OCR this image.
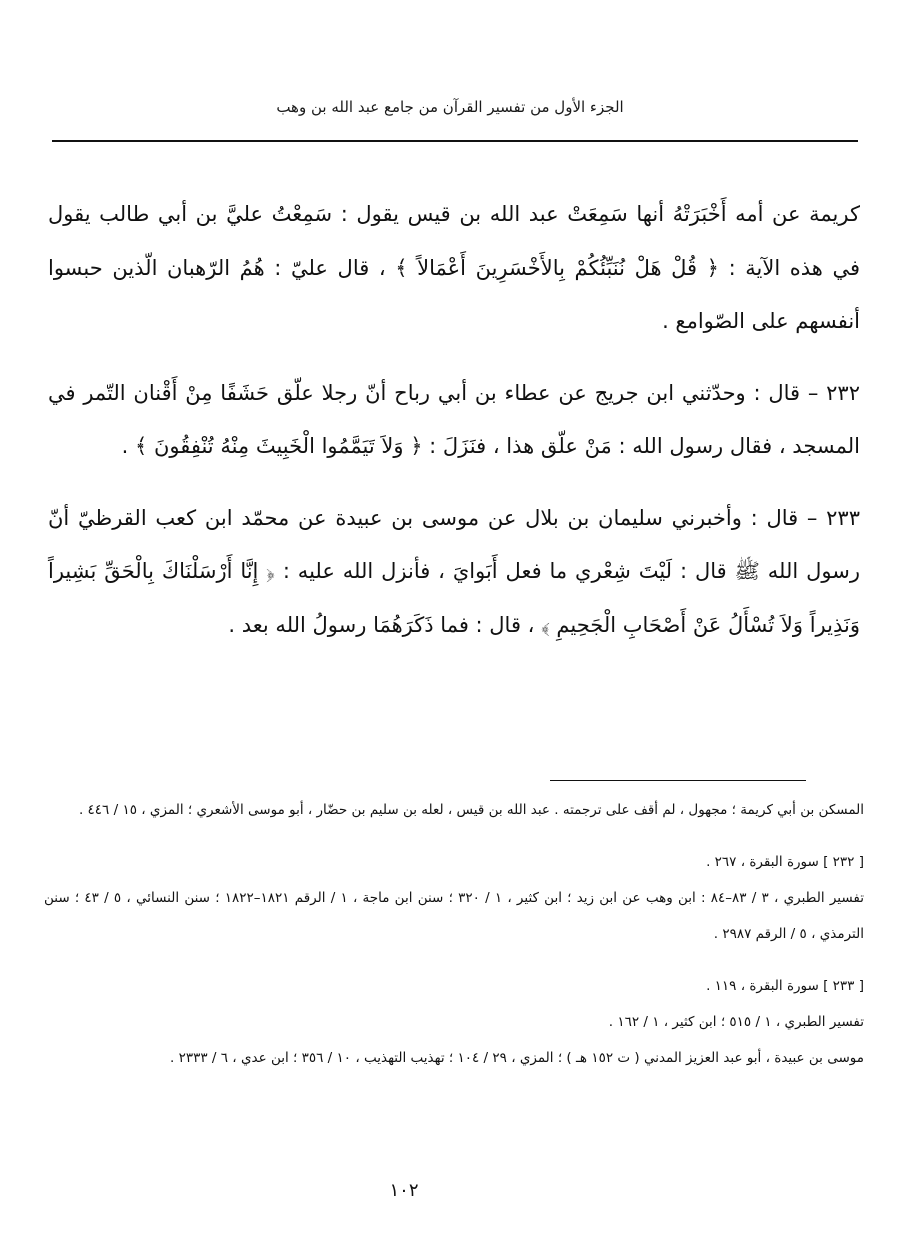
الجزء الأول من تفسير القرآن من جامع عبد الله بن وهب

كريمة عن أمه أَخْبَرَتْهُ أنها سَمِعَتْ عبد الله بن قيس يقول : سَمِعْتُ عليَّ بن أبي طالب يقول في هذه الآية : ﴿ قُلْ هَلْ نُنَبِّئُكُمْ بِالأَخْسَرِينَ أَعْمَالاً ﴾ ، قال عليّ : هُمُ الرّهبان الّذين حبسوا أنفسهم على الصّوامع .

٢٣٢ – قال : وحدّثني ابن جريج عن عطاء بن أبي رباح أنّ رجلا علّق حَشَفًا مِنْ أَقْنان التّمر في المسجد ، فقال رسول الله : مَنْ علّق هذا ، فنَزَلَ : ﴿ وَلاَ تَيَمَّمُوا الْخَبِيثَ مِنْهُ تُنْفِقُونَ ﴾ .

٢٣٣ – قال : وأخبرني سليمان بن بلال عن موسى بن عبيدة عن محمّد ابن كعب القرظيّ أنّ رسول الله ﷺ قال : لَيْتَ شِعْري ما فعل أَبَوايَ ، فأنزل الله عليه : ﴿ إِنَّا أَرْسَلْنَاكَ بِالْحَقِّ بَشِيراً وَنَذِيراً وَلاَ تُسْأَلُ عَنْ أَصْحَابِ الْجَحِيمِ ﴾ ، قال : فما ذَكَرَهُمَا رسولُ الله بعد .

المسكن بن أبي كريمة ؛ مجهول ، لم أقف على ترجمته . عبد الله بن قيس ، لعله بن سليم بن حضّار ، أبو موسى الأشعري ؛ المزي ، ١٥ / ٤٤٦ .

[ ٢٣٢ ] سورة البقرة ، ٢٦٧ .

تفسير الطبري ، ٣ / ٨٣–٨٤ : ابن وهب عن ابن زيد ؛ ابن كثير ، ١ / ٣٢٠ ؛ سنن ابن ماجة ، ١ / الرقم ١٨٢١–١٨٢٢ ؛ سنن النسائي ، ٥ / ٤٣ ؛ سنن الترمذي ، ٥ / الرقم ٢٩٨٧ .

[ ٢٣٣ ] سورة البقرة ، ١١٩ .

تفسير الطبري ، ١ / ٥١٥ ؛ ابن كثير ، ١ / ١٦٢ .

موسى بن عبيدة ، أبو عبد العزيز المدني ( ت ١٥٢ هـ ) ؛ المزي ، ٢٩ / ١٠٤ ؛ تهذيب التهذيب ، ١٠ / ٣٥٦ ؛ ابن عدي ، ٦ / ٢٣٣٣ .

١٠٢
